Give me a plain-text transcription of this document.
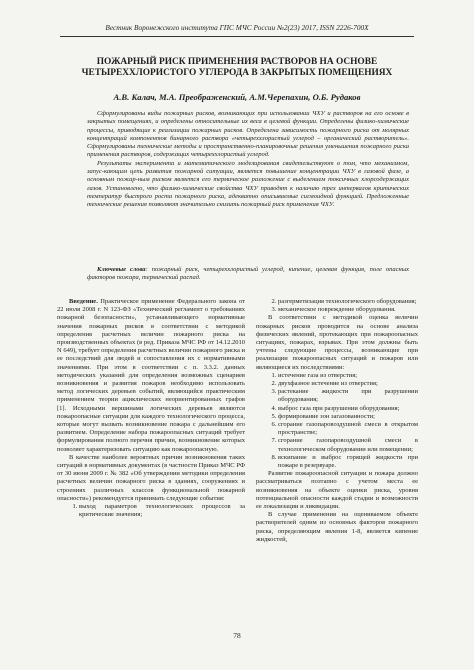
Вестник Воронежского института ГПС МЧС России №2(23) 2017, ISSN 2226-700X
ПОЖАРНЫЙ РИСК ПРИМЕНЕНИЯ РАСТВОРОВ НА ОСНОВЕ
ЧЕТЫРЕХХЛОРИСТОГО УГЛЕРОДА В ЗАКРЫТЫХ ПОМЕЩЕНИЯХ
А.В. Калач, М.А. Преображенский, А.М.Черепахин, О.Б. Рудаков

Сформулированы виды пожарных рисков, возникающих при использовании ЧХУ и растворов на его основе в закрытых помещениях, и определены относительные их веса в целевой функции. Определены физико-химические процессы, приводящие к реализации пожарных рисков. Определена зависимость пожарного риска от молярных концентраций компонентов бинарного раствора «четыреххлористый углерод – органический растворитель». Сформулированы технические методы и пространственно-планировочные решения уменьшения пожарного риска применения растворов, содержащих четыреххлористый углерод.

Результаты эксперимента и математического моделирования свидетельствуют о том, что механизмом, запус-кающим цепь развития пожарной ситуации, является повышение концентрации ЧХУ в газовой фазе, а основным пожар-ным риском является его термическое разложение с выделением токсичных хлорсодержащих газов. Установлено, что физико-химические свойства ЧХУ приводят к наличию трех интервалов критических температур быстрого роста пожарного риска, адекватно описываемые сигмоидной функцией. Предложенные технические решения позволяют значительно снизить пожарный риск применения ЧХУ.

Ключевые слова: пожарный риск, четыреххлористый углерод, кипение, целевая функция, поле опасных факторов пожара, термический распад.

Введение. Практическое применение Федерального закона от 22 июля 2008 г. N 123-ФЗ «Технический регламент о требованиях пожарной безопасности», устанавливающего нормативные значения пожарных рисков в соответствии с методикой определения расчетных величин пожарного риска на производственных объектах (в ред. Приказа МЧС РФ от 14.12.2010 N 649), требует определения расчетных величин пожарного риска и ее последствий для людей и сопоставления их с нормативными значениями. При этом в соответствии с п. 3.3.2. данных методических указаний для определения возможных сценариев возникновения и развития пожаров необходимо использовать метод логических деревьев событий, являющийся практическим применением теории ациклических неориентированных графов [1]. Исходными вершинами логических деревьев являются пожароопасные ситуации для каждого технологического процесса, которые могут вызвать возникновение пожара с дальнейшим его развитием. Определение набора пожароопасных ситуаций требует формулирования полного перечня причин, возникновение которых позволяет характеризовать ситуацию как пожароопасную.

В качестве наиболее вероятных причин возникновения таких ситуаций в нормативных документах (в частности Приказ МЧС РФ от 30 июня 2009 г. № 382 «Об утверждении методики определения расчетных величин пожарного риска в зданиях, сооружениях и строениях различных классов функциональной пожарной опасности») рекомендуется принимать следующие события:

1. выход параметров технологических процессов за критические значения;
2. разгерметизация технологического оборудования;
3. механическое повреждение оборудования.

В соответствии с методикой оценка величин пожарных рисков проводится на основе анализа физических явлений, протекающих при пожароопасных ситуациях, пожарах, взрывах. При этом должны быть учтены следующие процессы, возникающие при реализации пожароопасных ситуаций и пожаров или являющиеся их последствиями:

1. истечение газа из отверстия;
2. двухфазное истечение из отверстия;
3. растекание жидкости при разрушении оборудования;
4. выброс газа при разрушении оборудования;
5. формирование зон загазованности;
6. сгорание газопаровоздушной смеси в открытом пространстве;
7. сгорание газопаровоздушной смеси в технологическом оборудовании или помещении;
8. вскипание и выброс горящей жидкости при пожаре в резервуаре.

Развитие пожароопасной ситуации и пожара должно рассматриваться поэтапно с учетом места ее возникновения на объекте оценки риска, уровня потенциальной опасности каждой стадии и возможности ее локализации и ликвидации.

В случае применения на оцениваемом объекте растворителей одним из основных факторов пожарного риска, определяющим явления 1-8, является кипение жидкостей,

78
